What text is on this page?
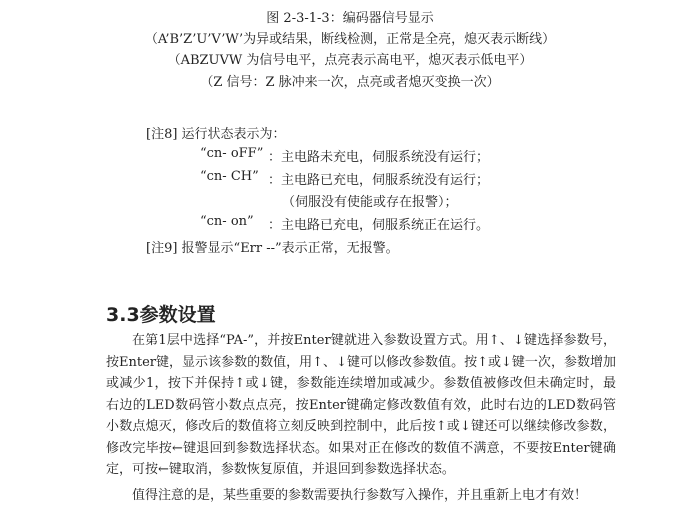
图 2-3-1-3：编码器信号显示
（A’B’Z’U’V’W’为异或结果，断线检测，正常是全亮，熄灭表示断线）
（ABZUVW 为信号电平，点亮表示高电平，熄灭表示低电平）
（Z 信号：Z 脉冲来一次，点亮或者熄灭变换一次）
[注8] 运行状态表示为：
“cn- oFF” ：主电路未充电，伺服系统没有运行；
“cn- CH” ：主电路已充电，伺服系统没有运行；
（伺服没有使能或存在报警）；
“cn- on” ：主电路已充电，伺服系统正在运行。
[注9] 报警显示“Err --”表示正常，无报警。
3.3参数设置

在第1层中选择“PA-”，并按Enter键就进入参数设置方式。用↑、↓键选择参数号，按Enter键，显示该参数的数值，用↑、↓键可以修改参数值。按↑或↓键一次，参数增加或减少1，按下并保持↑或↓键，参数能连续增加或减少。参数值被修改但未确定时，最右边的LED数码管小数点点亮，按Enter键确定修改数值有效，此时右边的LED数码管小数点熄灭，修改后的数值将立刻反映到控制中，此后按↑或↓键还可以继续修改参数，修改完毕按←键退回到参数选择状态。如果对正在修改的数值不满意，不要按Enter键确定，可按←键取消，参数恢复原值，并退回到参数选择状态。

值得注意的是，某些重要的参数需要执行参数写入操作，并且重新上电才有效！
